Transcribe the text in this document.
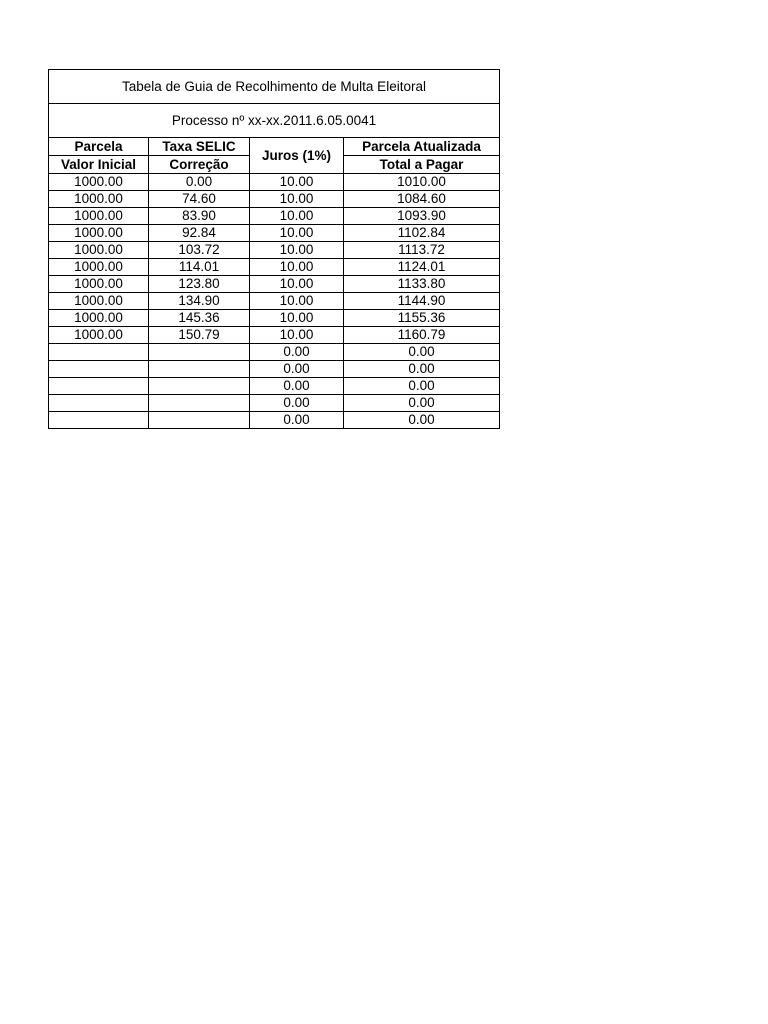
Tabela de Guia de Recolhimento de Multa Eleitoral			
Processo nº xx-xx.2011.6.05.0041			
Parcela	Taxa SELIC	Juros (1%)	Parcela Atualizada
Valor Inicial	Correção		Total a Pagar
1000.00	0.00	10.00	1010.00
1000.00	74.60	10.00	1084.60
1000.00	83.90	10.00	1093.90
1000.00	92.84	10.00	1102.84
1000.00	103.72	10.00	1113.72
1000.00	114.01	10.00	1124.01
1000.00	123.80	10.00	1133.80
1000.00	134.90	10.00	1144.90
1000.00	145.36	10.00	1155.36
1000.00	150.79	10.00	1160.79
		0.00	0.00
		0.00	0.00
		0.00	0.00
		0.00	0.00
		0.00	0.00
